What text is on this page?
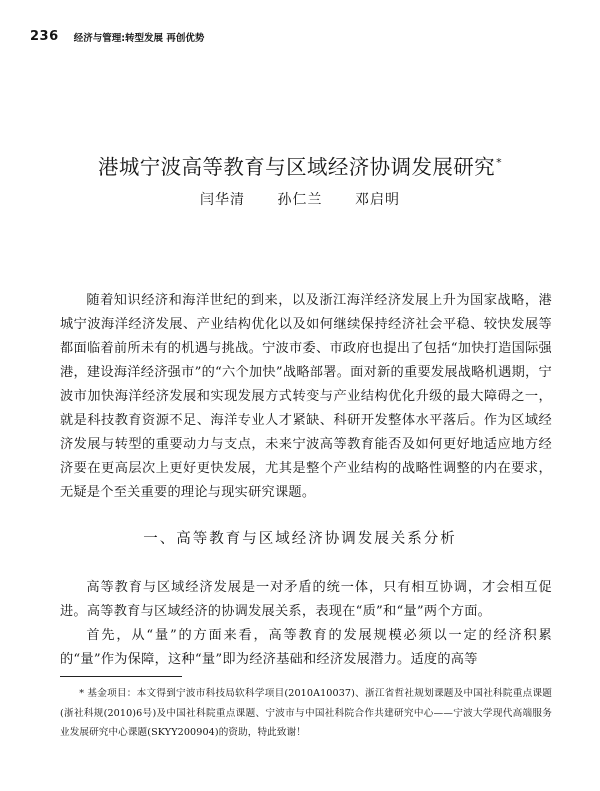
236 经济与管理:转型发展 再创优势
港城宁波高等教育与区域经济协调发展研究*
闫华清 孙仁兰 邓启明

随着知识经济和海洋世纪的到来，以及浙江海洋经济发展上升为国家战略，港城宁波海洋经济发展、产业结构优化以及如何继续保持经济社会平稳、较快发展等都面临着前所未有的机遇与挑战。宁波市委、市政府也提出了包括“加快打造国际强港，建设海洋经济强市”的“六个加快”战略部署。面对新的重要发展战略机遇期，宁波市加快海洋经济发展和实现发展方式转变与产业结构优化升级的最大障碍之一，就是科技教育资源不足、海洋专业人才紧缺、科研开发整体水平落后。作为区域经济发展与转型的重要动力与支点，未来宁波高等教育能否及如何更好地适应地方经济要在更高层次上更好更快发展，尤其是整个产业结构的战略性调整的内在要求，无疑是个至关重要的理论与现实研究课题。

一、高等教育与区域经济协调发展关系分析

高等教育与区域经济发展是一对矛盾的统一体，只有相互协调，才会相互促进。高等教育与区域经济的协调发展关系，表现在“质”和“量”两个方面。

首先，从“量”的方面来看，高等教育的发展规模必须以一定的经济积累的“量”作为保障，这种“量”即为经济基础和经济发展潜力。适度的高等

* 基金项目：本文得到宁波市科技局软科学项目(2010A10037)、浙江省哲社规划课题及中国社科院重点课题(浙社科规(2010)6号)及中国社科院重点课题、宁波市与中国社科院合作共建研究中心——宁波大学现代高端服务业发展研究中心课题(SKYY200904)的资助，特此致谢！
